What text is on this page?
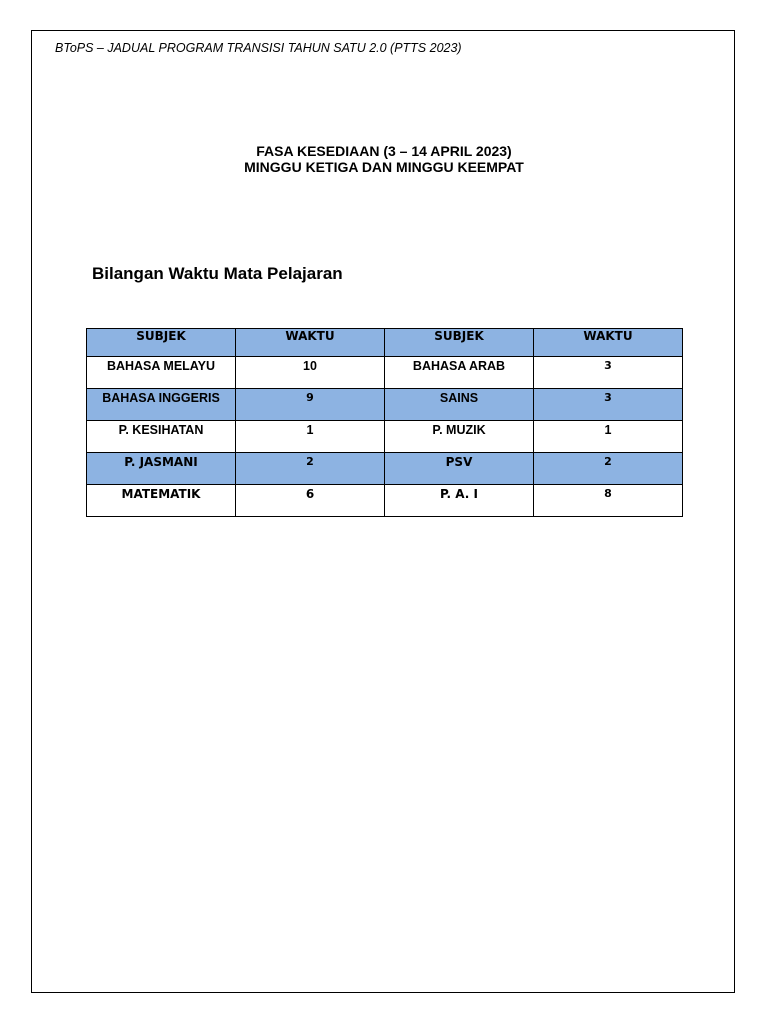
BToPS – JADUAL PROGRAM TRANSISI TAHUN SATU 2.0 (PTTS 2023)
FASA KESEDIAAN (3 – 14 APRIL 2023)
MINGGU KETIGA DAN MINGGU KEEMPAT
Bilangan Waktu Mata Pelajaran
SUBJEK	WAKTU	SUBJEK	WAKTU
BAHASA MELAYU	10	BAHASA ARAB	3
BAHASA INGGERIS	9	SAINS	3
P. KESIHATAN	1	P. MUZIK	1
P. JASMANI	2	PSV	2
MATEMATIK	6	P. A. I	8
